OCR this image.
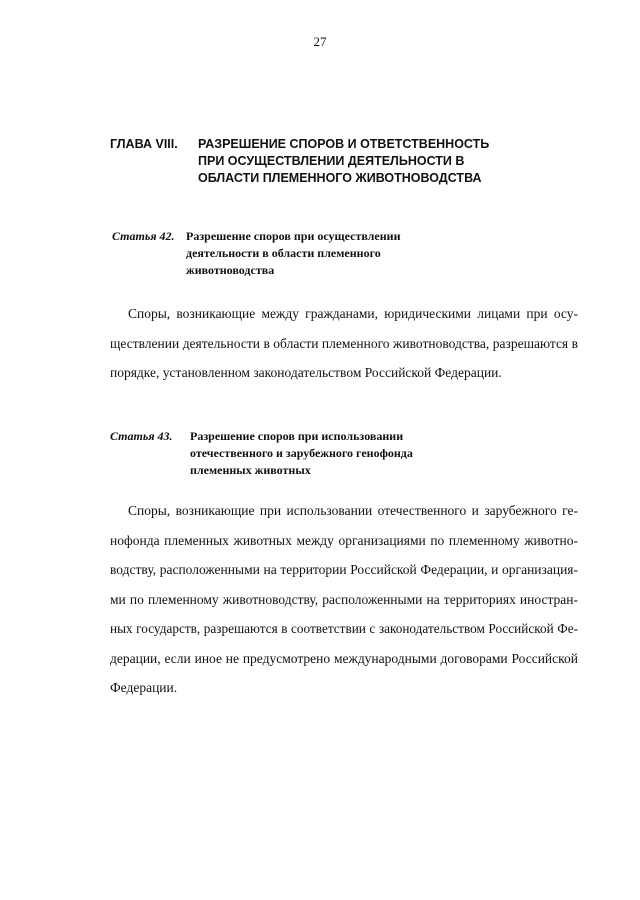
27
ГЛАВА VIII. РАЗРЕШЕНИЕ СПОРОВ И ОТВЕТСТВЕННОСТЬ
ПРИ ОСУЩЕСТВЛЕНИИ ДЕЯТЕЛЬНОСТИ В
ОБЛАСТИ ПЛЕМЕННОГО ЖИВОТНОВОДСТВА
Статья 42. Разрешение споров при осуществлении
деятельности в области племенного
животноводства
Споры, возникающие между гражданами, юридическими лицами при осу-
ществлении деятельности в области племенного животноводства, разрешаются в
порядке, установленном законодательством Российской Федерации.
Статья 43. Разрешение споров при использовании
отечественного и зарубежного генофонда
племенных животных
Споры, возникающие при использовании отечественного и зарубежного ге-
нофонда племенных животных между организациями по племенному животно-
водству, расположенными на территории Российской Федерации, и организация-
ми по племенному животноводству, расположенными на территориях иностран-
ных государств, разрешаются в соответствии с законодательством Российской Фе-
дерации, если иное не предусмотрено международными договорами Российской
Федерации.
